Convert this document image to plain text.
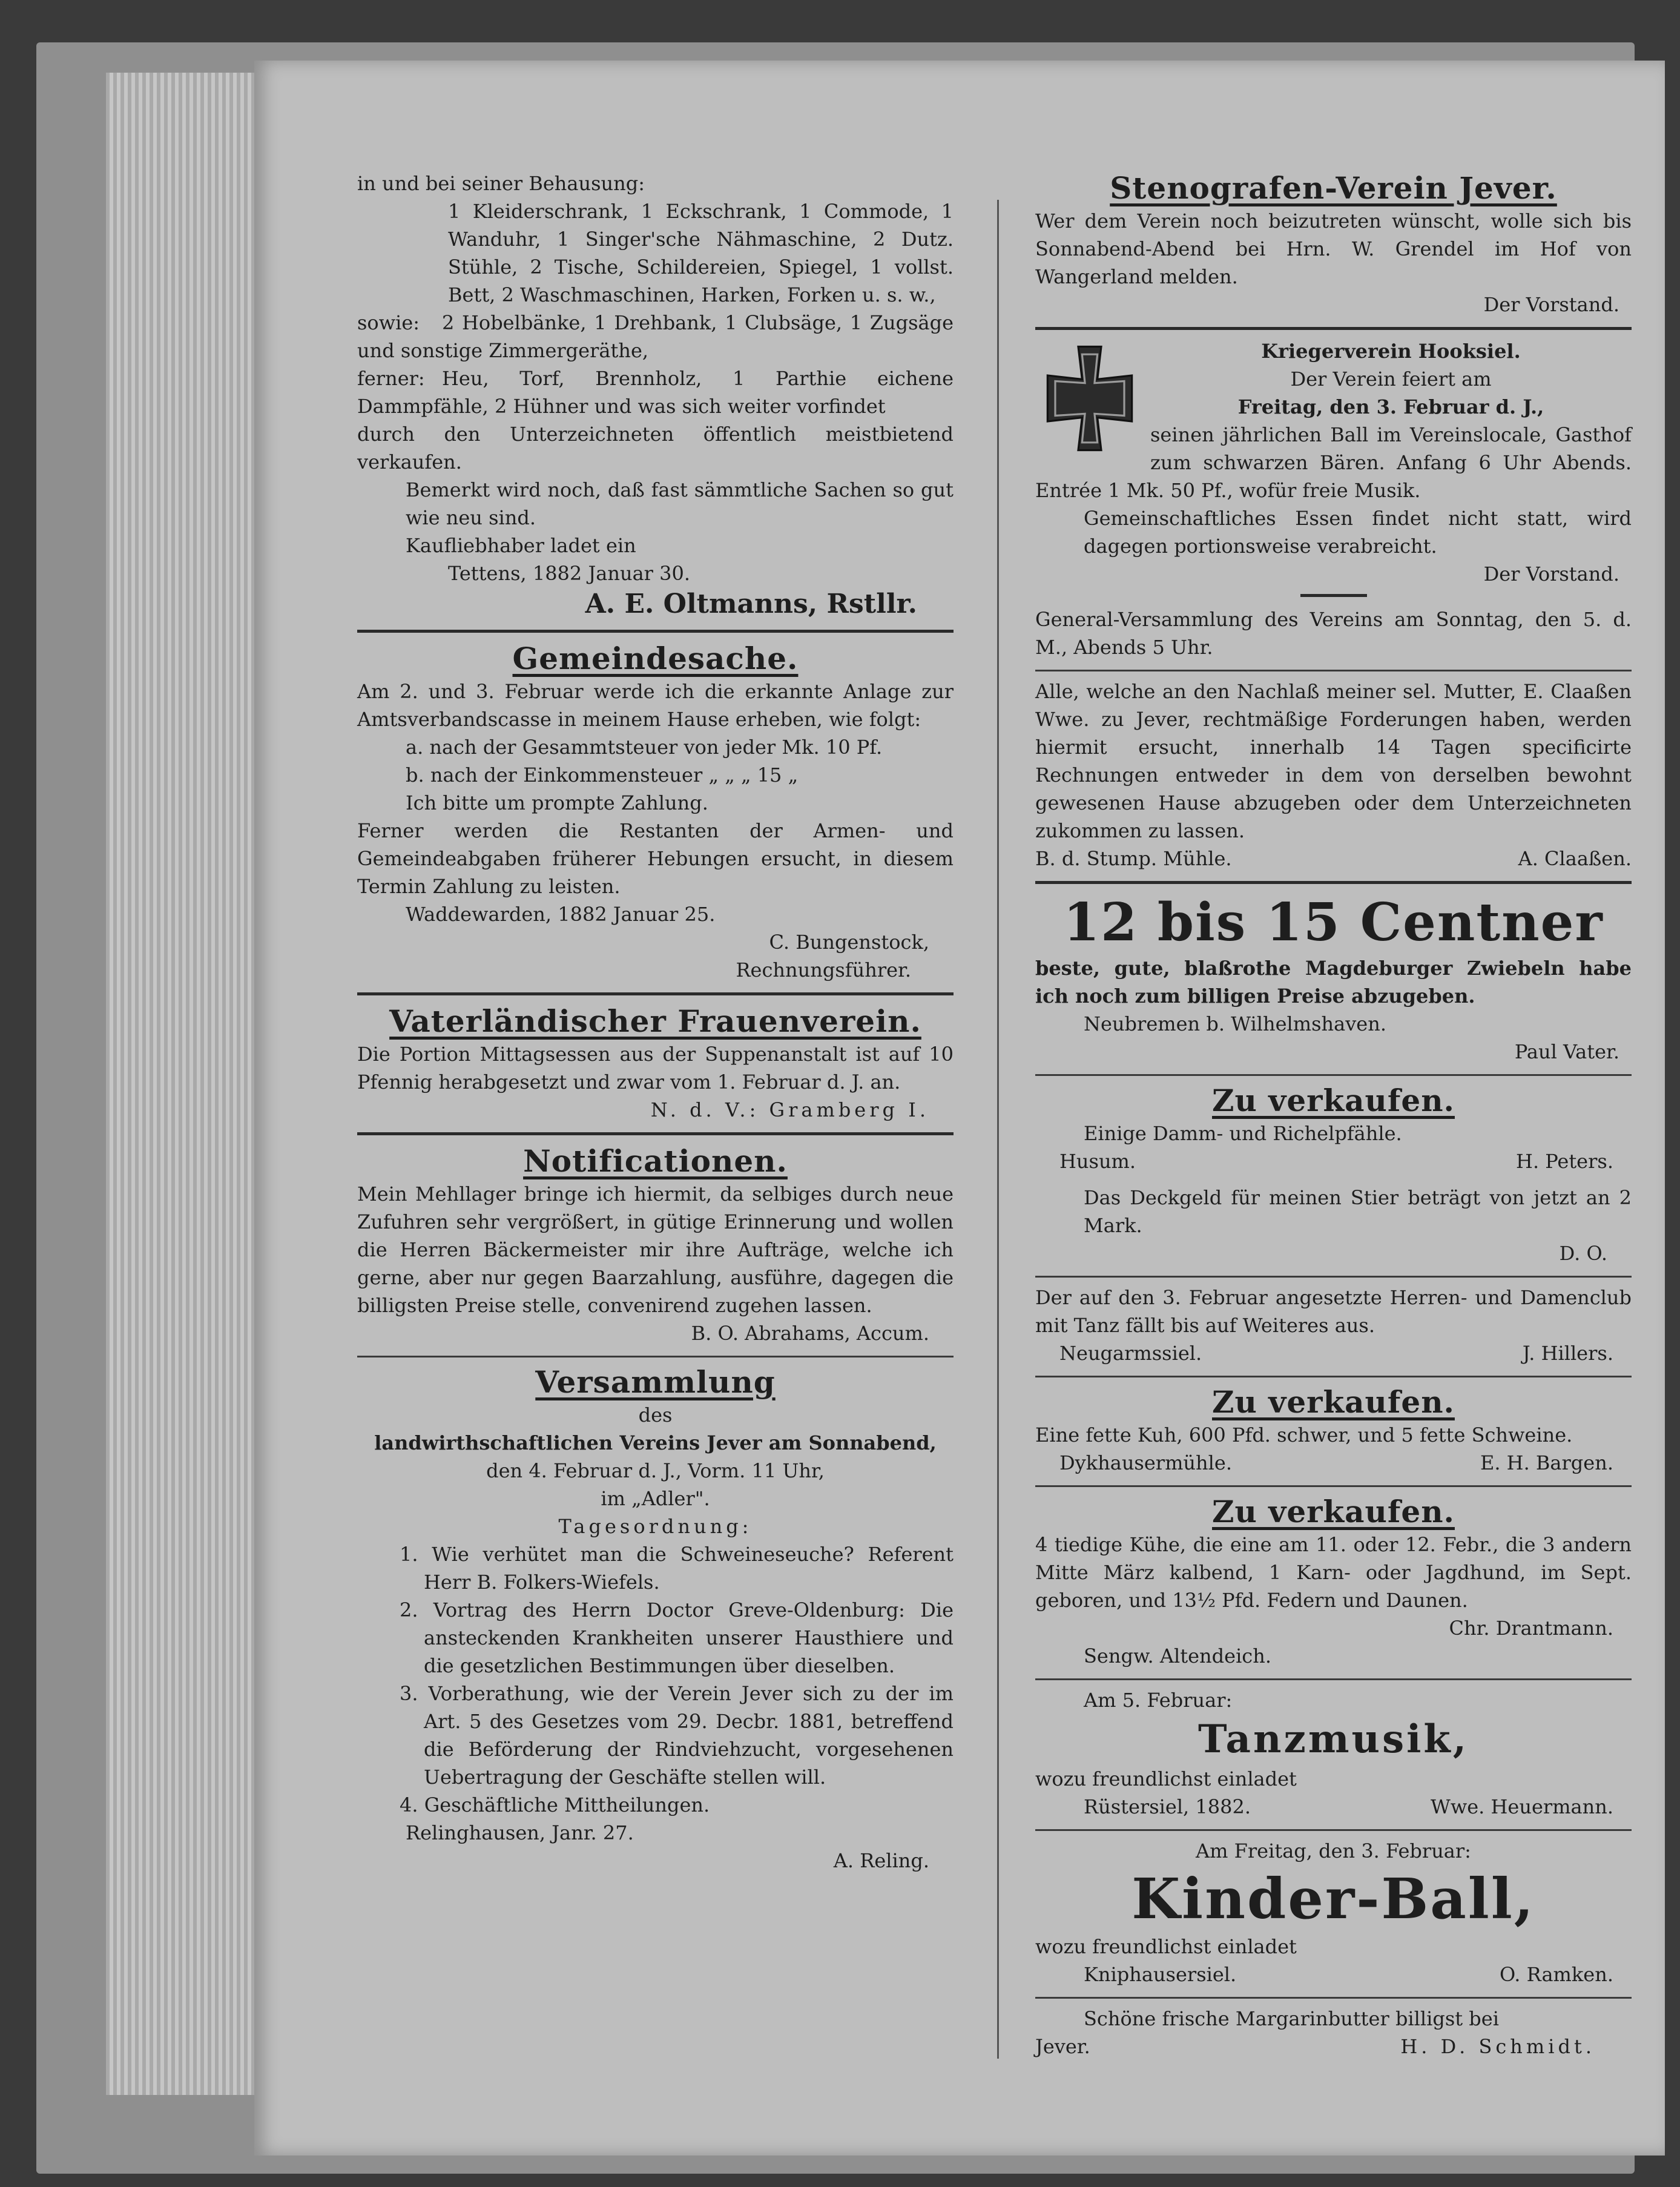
in und bei seiner Behausung:
1 Kleiderschrank, 1 Eckschrank, 1 Commode, 1 Wanduhr, 1 Singer'sche Nähmaschine, 2 Dutz. Stühle, 2 Tische, Schildereien, Spiegel, 1 vollst. Bett, 2 Waschmaschinen, Harken, Forken u. s. w.,
sowie: 2 Hobelbänke, 1 Drehbank, 1 Clubsäge, 1 Zugsäge und sonstige Zimmergeräthe,
ferner: Heu, Torf, Brennholz, 1 Parthie eichene Dammpfähle, 2 Hühner und was sich weiter vorfindet
durch den Unterzeichneten öffentlich meistbietend verkaufen.
Bemerkt wird noch, daß fast sämmtliche Sachen so gut wie neu sind.
Kaufliebhaber ladet ein
Tettens, 1882 Januar 30.
A. E. Oltmanns, Rstllr.
Gemeindesache.
Am 2. und 3. Februar werde ich die erkannte Anlage zur Amtsverbandscasse in meinem Hause erheben, wie folgt:
a. nach der Gesammtsteuer von jeder Mk. 10 Pf.
b. nach der Einkommensteuer „ „ „ 15 „
Ich bitte um prompte Zahlung.
Ferner werden die Restanten der Armen- und Gemeindeabgaben früherer Hebungen ersucht, in diesem Termin Zahlung zu leisten.
Waddewarden, 1882 Januar 25.
C. Bungenstock,
Rechnungsführer.
Vaterländischer Frauenverein.
Die Portion Mittagsessen aus der Suppenanstalt ist auf 10 Pfennig herabgesetzt und zwar vom 1. Februar d. J. an.
N. d. V.: Gramberg I.
Notificationen.
Mein Mehllager bringe ich hiermit, da selbiges durch neue Zufuhren sehr vergrößert, in gütige Erinnerung und wollen die Herren Bäckermeister mir ihre Aufträge, welche ich gerne, aber nur gegen Baarzahlung, ausführe, dagegen die billigsten Preise stelle, convenirend zugehen lassen.
B. O. Abrahams, Accum.
Versammlung
des
landwirthschaftlichen Vereins Jever am Sonnabend,
den 4. Februar d. J., Vorm. 11 Uhr,
im „Adler".
Tagesordnung:
1. Wie verhütet man die Schweineseuche? Referent Herr B. Folkers-Wiefels.
2. Vortrag des Herrn Doctor Greve-Oldenburg: Die ansteckenden Krankheiten unserer Hausthiere und die gesetzlichen Bestimmungen über dieselben.
3. Vorberathung, wie der Verein Jever sich zu der im Art. 5 des Gesetzes vom 29. Decbr. 1881, betreffend die Beförderung der Rindviehzucht, vorgesehenen Uebertragung der Geschäfte stellen will.
4. Geschäftliche Mittheilungen.
Relinghausen, Janr. 27.
A. Reling.
Stenografen-Verein Jever.
Wer dem Verein noch beizutreten wünscht, wolle sich bis Sonnabend-Abend bei Hrn. W. Grendel im Hof von Wangerland melden.
Der Vorstand.
Kriegerverein Hooksiel.
Der Verein feiert am
Freitag, den 3. Februar d. J.,
seinen jährlichen Ball im Vereinslocale, Gasthof zum schwarzen Bären. Anfang 6 Uhr Abends. Entrée 1 Mk. 50 Pf., wofür freie Musik.
Gemeinschaftliches Essen findet nicht statt, wird dagegen portionsweise verabreicht.
Der Vorstand.
General-Versammlung des Vereins am Sonntag, den 5. d. M., Abends 5 Uhr.
Alle, welche an den Nachlaß meiner sel. Mutter, E. Claaßen Wwe. zu Jever, rechtmäßige Forderungen haben, werden hiermit ersucht, innerhalb 14 Tagen specificirte Rechnungen entweder in dem von derselben bewohnt gewesenen Hause abzugeben oder dem Unterzeichneten zukommen zu lassen.
B. d. Stump. Mühle.	A. Claaßen.
12 bis 15 Centner
beste, gute, blaßrothe Magdeburger Zwiebeln habe ich noch zum billigen Preise abzugeben.
Neubremen b. Wilhelmshaven.
Paul Vater.
Zu verkaufen.
Einige Damm- und Richelpfähle.
Husum.	H. Peters.
Das Deckgeld für meinen Stier beträgt von jetzt an 2 Mark.
D. O.
Der auf den 3. Februar angesetzte Herren- und Damenclub mit Tanz fällt bis auf Weiteres aus.
Neugarmssiel.	J. Hillers.
Zu verkaufen.
Eine fette Kuh, 600 Pfd. schwer, und 5 fette Schweine.
Dykhausermühle.	E. H. Bargen.
Zu verkaufen.
4 tiedige Kühe, die eine am 11. oder 12. Febr., die 3 andern Mitte März kalbend, 1 Karn- oder Jagdhund, im Sept. geboren, und 13½ Pfd. Federn und Daunen.
Chr. Drantmann.
Sengw. Altendeich.
Am 5. Februar:
Tanzmusik,
wozu freundlichst einladet
Rüstersiel, 1882.	Wwe. Heuermann.
Am Freitag, den 3. Februar:
Kinder-Ball,
wozu freundlichst einladet
Kniphausersiel.	O. Ramken.
Schöne frische Margarinbutter billigst bei
Jever.	H. D. Schmidt.
